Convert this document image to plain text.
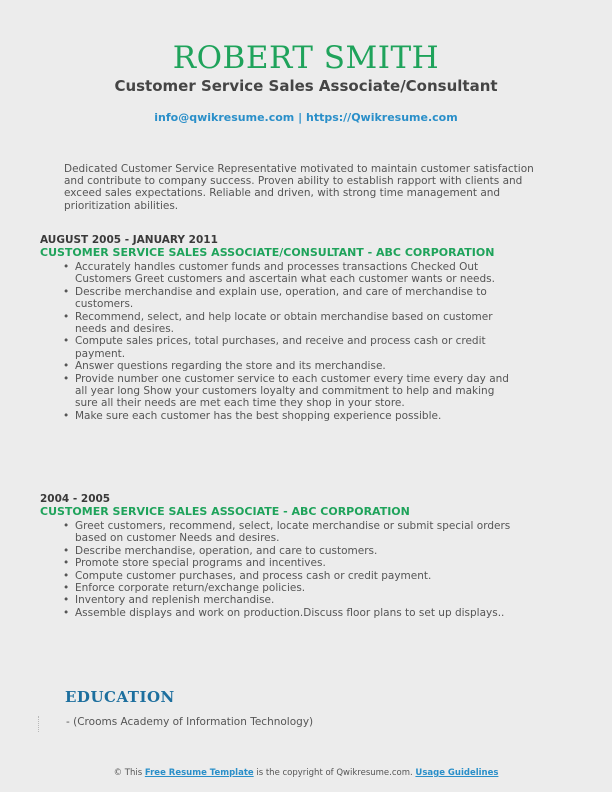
ROBERT SMITH
Customer Service Sales Associate/Consultant
info@qwikresume.com | https://Qwikresume.com
Dedicated Customer Service Representative motivated to maintain customer satisfaction and contribute to company success. Proven ability to establish rapport with clients and exceed sales expectations. Reliable and driven, with strong time management and prioritization abilities.
AUGUST 2005 - JANUARY 2011
CUSTOMER SERVICE SALES ASSOCIATE/CONSULTANT - ABC CORPORATION
• Accurately handles customer funds and processes transactions Checked Out Customers Greet customers and ascertain what each customer wants or needs.
• Describe merchandise and explain use, operation, and care of merchandise to customers.
• Recommend, select, and help locate or obtain merchandise based on customer needs and desires.
• Compute sales prices, total purchases, and receive and process cash or credit payment.
• Answer questions regarding the store and its merchandise.
• Provide number one customer service to each customer every time every day and all year long Show your customers loyalty and commitment to help and making sure all their needs are met each time they shop in your store.
• Make sure each customer has the best shopping experience possible.
2004 - 2005
CUSTOMER SERVICE SALES ASSOCIATE - ABC CORPORATION
• Greet customers, recommend, select, locate merchandise or submit special orders based on customer Needs and desires.
• Describe merchandise, operation, and care to customers.
• Promote store special programs and incentives.
• Compute customer purchases, and process cash or credit payment.
• Enforce corporate return/exchange policies.
• Inventory and replenish merchandise.
• Assemble displays and work on production.Discuss floor plans to set up displays..
EDUCATION
- (Crooms Academy of Information Technology)
© This Free Resume Template is the copyright of Qwikresume.com. Usage Guidelines
